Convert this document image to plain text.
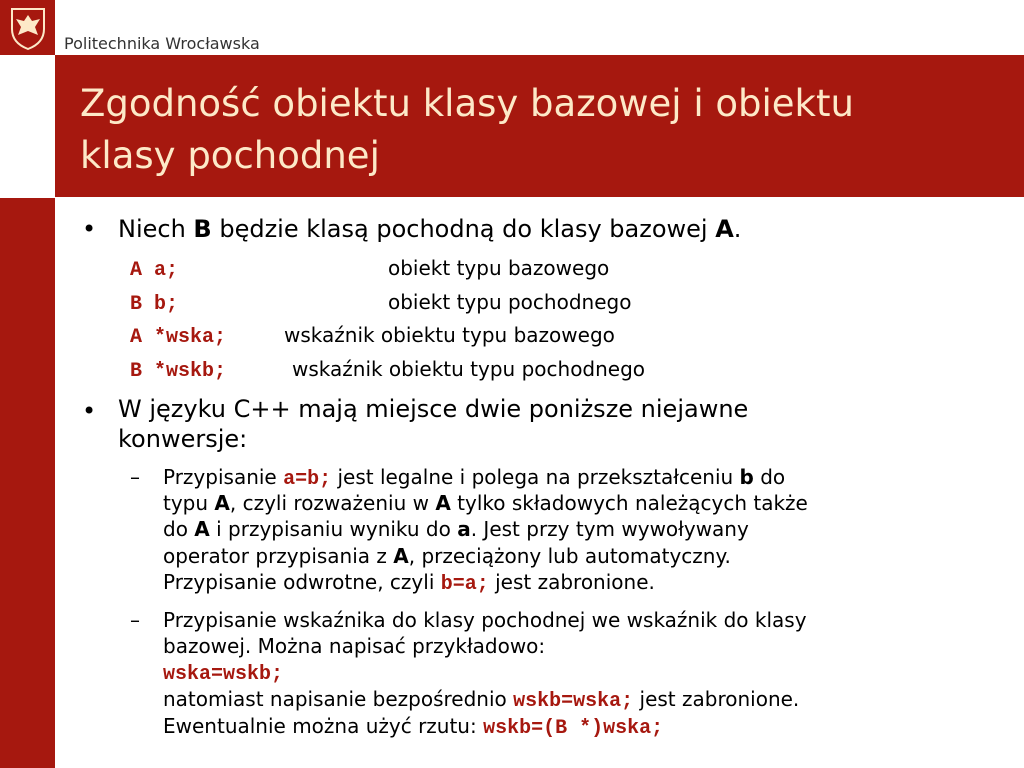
Politechnika Wrocławska
Zgodność obiektu klasy bazowej i obiektu
klasy pochodnej
• Niech B będzie klasą pochodną do klasy bazowej A.
A a;	obiekt typu bazowego
B b;	obiekt typu pochodnego
A *wska;	wskaźnik obiektu typu bazowego
B *wskb;	wskaźnik obiektu typu pochodnego
• W języku C++ mają miejsce dwie poniższe niejawne
konwersje:
– Przypisanie a=b; jest legalne i polega na przekształceniu b do
typu A, czyli rozważeniu w A tylko składowych należących także
do A i przypisaniu wyniku do a. Jest przy tym wywoływany
operator przypisania z A, przeciążony lub automatyczny.
Przypisanie odwrotne, czyli b=a; jest zabronione.
– Przypisanie wskaźnika do klasy pochodnej we wskaźnik do klasy
bazowej. Można napisać przykładowo:
wska=wskb;
natomiast napisanie bezpośrednio wskb=wska; jest zabronione.
Ewentualnie można użyć rzutu: wskb=(B *)wska;
